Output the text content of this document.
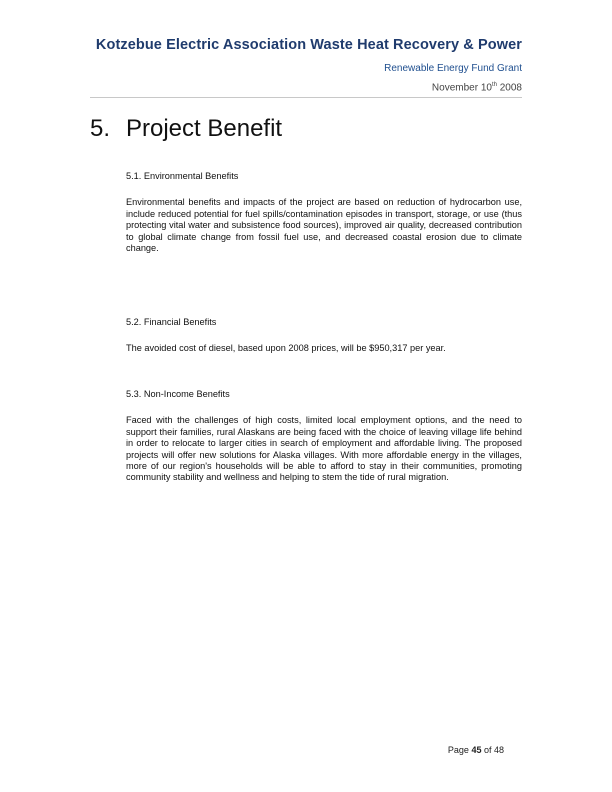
Kotzebue Electric Association Waste Heat Recovery & Power
Renewable Energy Fund Grant
November 10th 2008
5. Project Benefit
5.1. Environmental Benefits
Environmental benefits and impacts of the project are based on reduction of hydrocarbon use, include reduced potential for fuel spills/contamination episodes in transport, storage, or use (thus protecting vital water and subsistence food sources), improved air quality, decreased contribution to global climate change from fossil fuel use, and decreased coastal erosion due to climate change.
5.2. Financial Benefits
The avoided cost of diesel, based upon 2008 prices, will be $950,317 per year.
5.3. Non-Income Benefits
Faced with the challenges of high costs, limited local employment options, and the need to support their families, rural Alaskans are being faced with the choice of leaving village life behind in order to relocate to larger cities in search of employment and affordable living. The proposed projects will offer new solutions for Alaska villages. With more affordable energy in the villages, more of our region's households will be able to afford to stay in their communities, promoting community stability and wellness and helping to stem the tide of rural migration.
Page 45 of 48
